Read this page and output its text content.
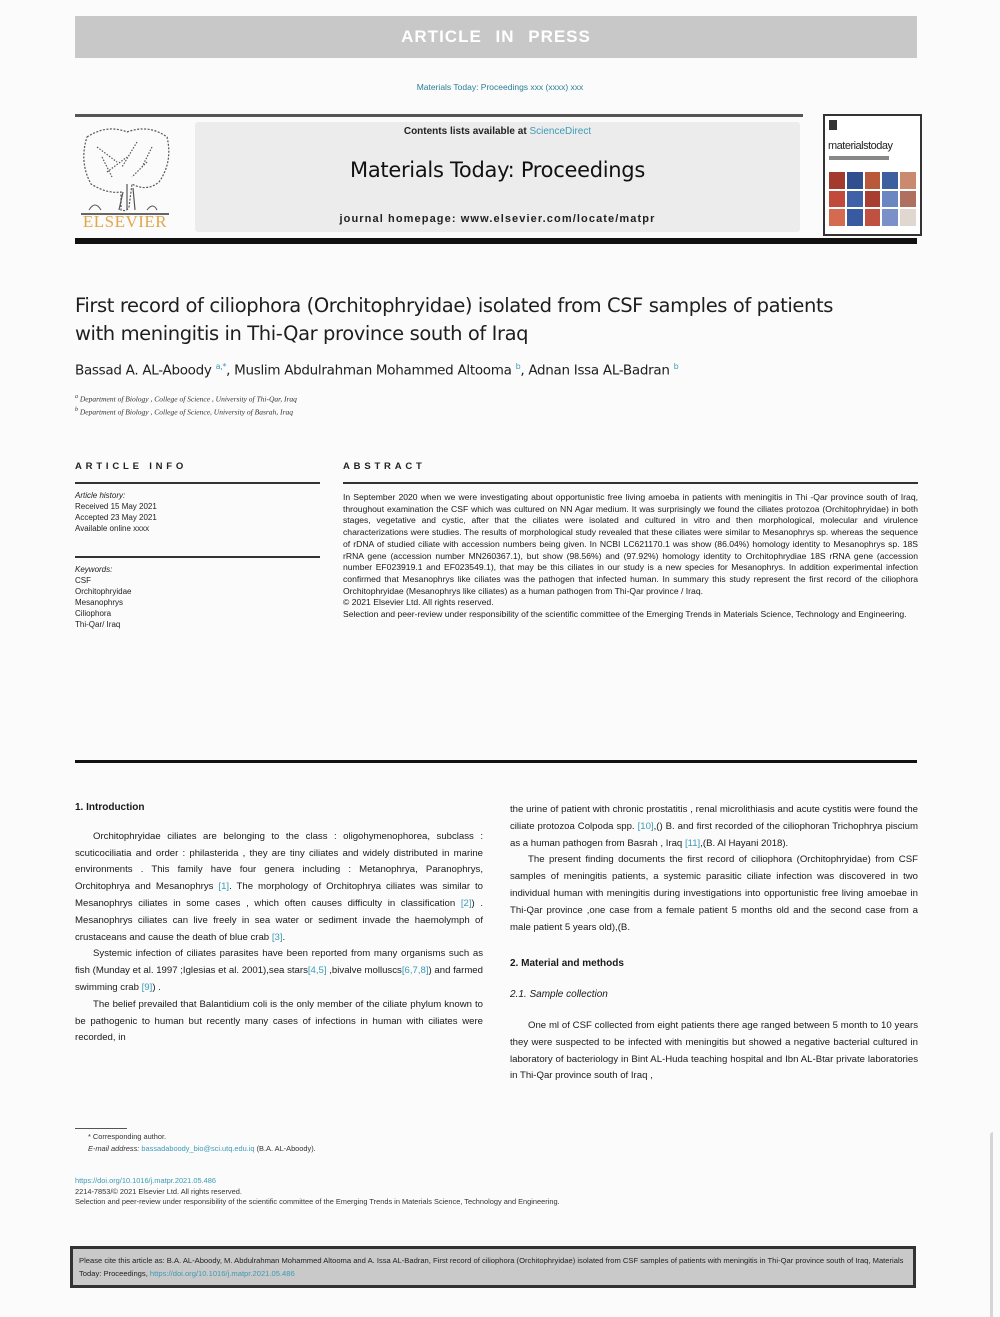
ARTICLE IN PRESS
Materials Today: Proceedings xxx (xxxx) xxx
ELSEVIER
Contents lists available at ScienceDirect
Materials Today: Proceedings
journal homepage: www.elsevier.com/locate/matpr
materialstoday
First record of ciliophora (Orchitophryidae) isolated from CSF samples of patients with meningitis in Thi-Qar province south of Iraq
Bassad A. AL-Aboody $^{a,*}$, Muslim Abdulrahman Mohammed Altooma $^b$, Adnan Issa AL-Badran $^b$
$^a$ Department of Biology , College of Science , University of Thi-Qar, Iraq
$^b$ Department of Biology , College of Science, University of Basrah, Iraq
ARTICLE INFO
Article history:
Received 15 May 2021
Accepted 23 May 2021
Available online xxxx
Keywords:
CSF
Orchitophryidae
Mesanophrys
Ciliophora
Thi-Qar/ Iraq
ABSTRACT

In September 2020 when we were investigating about opportunistic free living amoeba in patients with meningitis in Thi -Qar province south of Iraq, throughout examination the CSF which was cultured on NN Agar medium. It was surprisingly we found the ciliates protozoa (Orchitophryidae) in both stages, vegetative and cystic, after that the ciliates were isolated and cultured in vitro and then morphological, molecular and virulence characterizations were studies. The results of morphological study revealed that these ciliates were similar to Mesanophrys sp. whereas the sequence of rDNA of studied ciliate with accession numbers being given. In NCBI LC621170.1 was show (86.04%) homology identity to Mesanophrys sp. 18S rRNA gene (accession number MN260367.1), but show (98.56%) and (97.92%) homology identity to Orchitophrydiae 18S rRNA gene (accession number EF023919.1 and EF023549.1), that may be this ciliates in our study is a new species for Mesanophrys. In addition experimental infection confirmed that Mesanophrys like ciliates was the pathogen that infected human. In summary this study represent the first record of the ciliophora Orchitophryidae (Mesanophrys like ciliates) as a human pathogen from Thi-Qar province / Iraq.

© 2021 Elsevier Ltd. All rights reserved.

Selection and peer-review under responsibility of the scientific committee of the Emerging Trends in Materials Science, Technology and Engineering.

1. Introduction

Orchitophryidae ciliates are belonging to the class : oligohymenophorea, subclass : scuticociliatia and order : philasterida , they are tiny ciliates and widely distributed in marine environments . This family have four genera including : Metanophrya, Paranophrys, Orchitophrya and Mesanophrys [1]. The morphology of Orchitophrya ciliates was similar to Mesanophrys ciliates in some cases , which often causes difficulty in classification [2]) . Mesanophrys ciliates can live freely in sea water or sediment invade the haemolymph of crustaceans and cause the death of blue crab [3].

Systemic infection of ciliates parasites have been reported from many organisms such as fish (Munday et al. 1997 ;Iglesias et al. 2001),sea stars[4,5] ,bivalve molluscs[6,7,8]) and farmed swimming crab [9]) .

The belief prevailed that Balantidium coli is the only member of the ciliate phylum known to be pathogenic to human but recently many cases of infections in human with ciliates were recorded, in

the urine of patient with chronic prostatitis , renal microlithiasis and acute cystitis were found the ciliate protozoa Colpoda spp. [10],() B. and first recorded of the ciliophoran Trichophrya piscium as a human pathogen from Basrah , Iraq [11],(B. Al Hayani 2018).

The present finding documents the first record of ciliophora (Orchitophryidae) from CSF samples of meningitis patients, a systemic parasitic ciliate infection was discovered in two individual human with meningitis during investigations into opportunistic free living amoebae in Thi-Qar province ,one case from a female patient 5 months old and the second case from a male patient 5 years old),(B.

2. Material and methods

2.1. Sample collection

One ml of CSF collected from eight patients there age ranged between 5 month to 10 years they were suspected to be infected with meningitis but showed a negative bacterial cultured in laboratory of bacteriology in Bint AL-Huda teaching hospital and Ibn AL-Btar private laboratories in Thi-Qar province south of Iraq ,

* Corresponding author.
E-mail address: bassadaboody_bio@sci.utq.edu.iq (B.A. AL-Aboody).
https://doi.org/10.1016/j.matpr.2021.05.486
2214-7853/© 2021 Elsevier Ltd. All rights reserved.
Selection and peer-review under responsibility of the scientific committee of the Emerging Trends in Materials Science, Technology and Engineering.
Please cite this article as: B.A. AL-Aboody, M. Abdulrahman Mohammed Altooma and A. Issa AL-Badran, First record of ciliophora (Orchitophryidae) isolated from CSF samples of patients with meningitis in Thi-Qar province south of Iraq, Materials Today: Proceedings, https://doi.org/10.1016/j.matpr.2021.05.486
